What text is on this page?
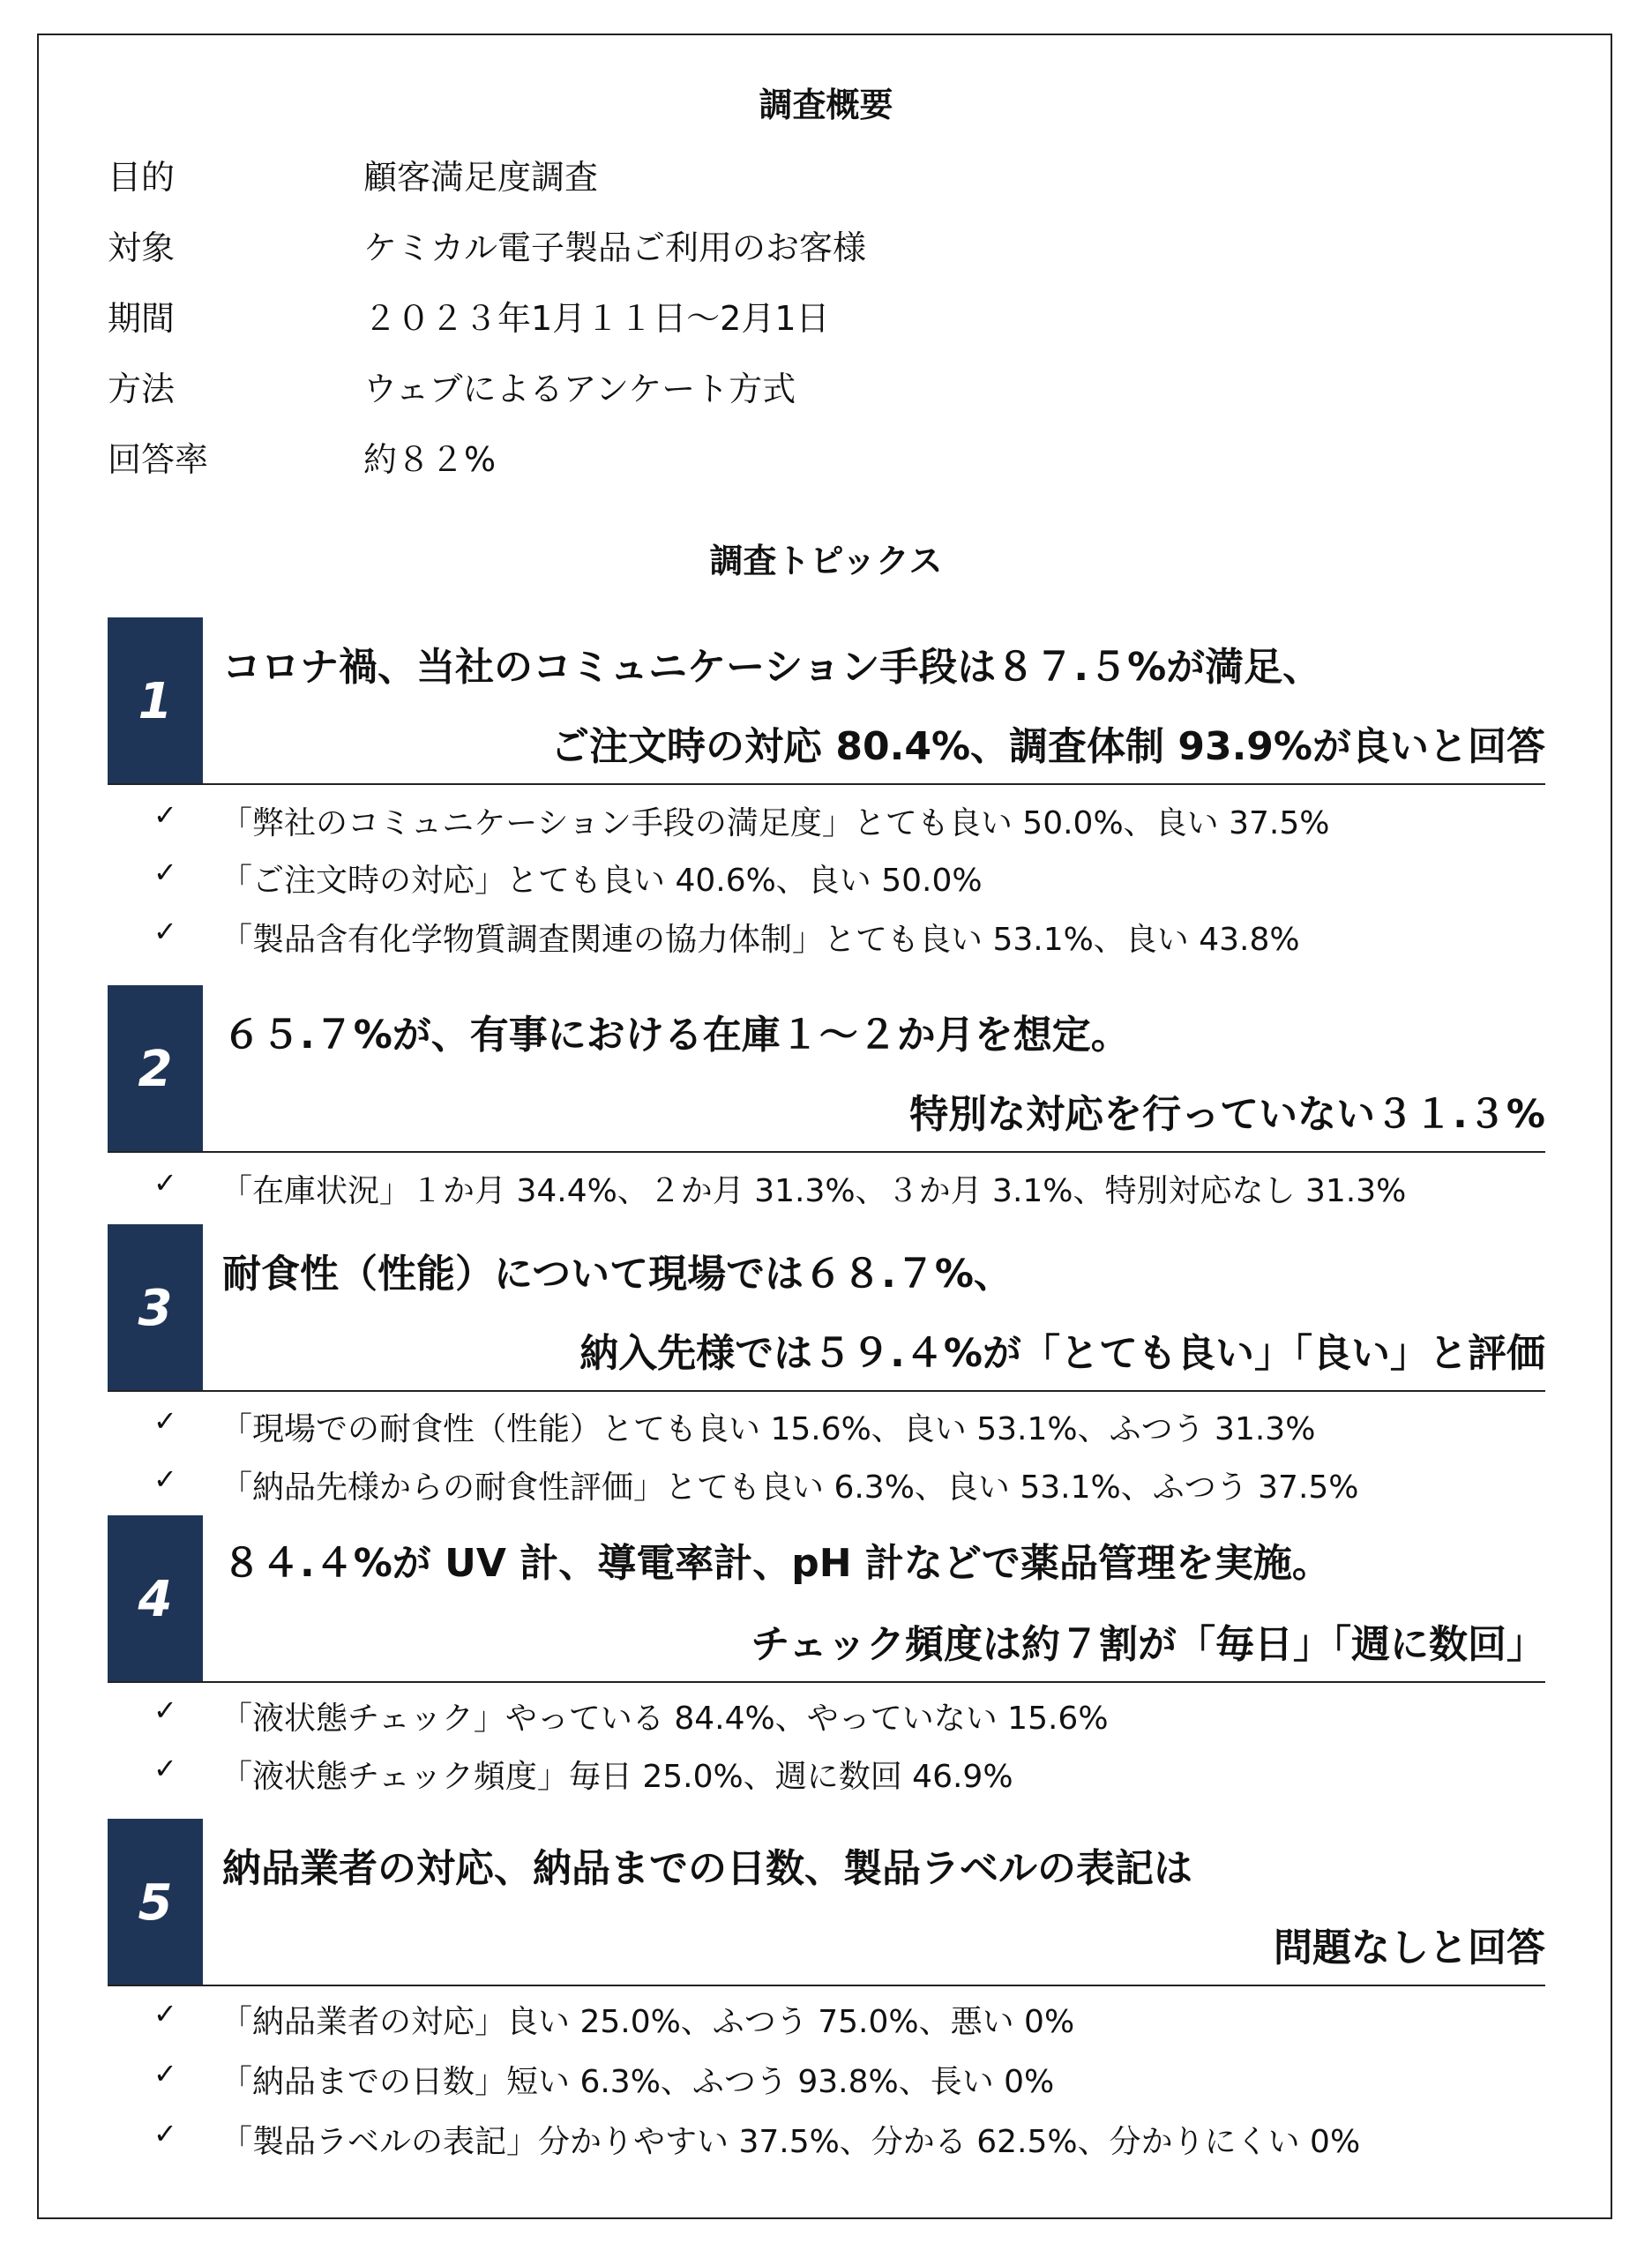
調査概要
目的	顧客満足度調査
対象	ケミカル電子製品ご利用のお客様
期間	２０２３年1月１１日～2月1日
方法	ウェブによるアンケート方式
回答率	約８２%
調査トピックス
1
コロナ禍、当社のコミュニケーション手段は８７.５%が満足、
ご注文時の対応 80.4%、調査体制 93.9%が良いと回答
✓	「弊社のコミュニケーション手段の満足度」とても良い 50.0%、良い 37.5%
✓	「ご注文時の対応」とても良い 40.6%、良い 50.0%
✓	「製品含有化学物質調査関連の協力体制」とても良い 53.1%、良い 43.8%
2
６５.７%が、有事における在庫１～２か月を想定。
特別な対応を行っていない３１.３%
✓	「在庫状況」１か月 34.4%、２か月 31.3%、３か月 3.1%、特別対応なし 31.3%
3
耐食性（性能）について現場では６８.７%、
納入先様では５９.４%が「とても良い」「良い」と評価
✓	「現場での耐食性（性能）とても良い 15.6%、良い 53.1%、ふつう 31.3%
✓	「納品先様からの耐食性評価」とても良い 6.3%、良い 53.1%、ふつう 37.5%
4
８４.４%が UV 計、導電率計、pH 計などで薬品管理を実施。
チェック頻度は約７割が「毎日」「週に数回」
✓	「液状態チェック」やっている 84.4%、やっていない 15.6%
✓	「液状態チェック頻度」毎日 25.0%、週に数回 46.9%
5
納品業者の対応、納品までの日数、製品ラベルの表記は
問題なしと回答
✓	「納品業者の対応」良い 25.0%、ふつう 75.0%、悪い 0%
✓	「納品までの日数」短い 6.3%、ふつう 93.8%、長い 0%
✓	「製品ラベルの表記」分かりやすい 37.5%、分かる 62.5%、分かりにくい 0%
